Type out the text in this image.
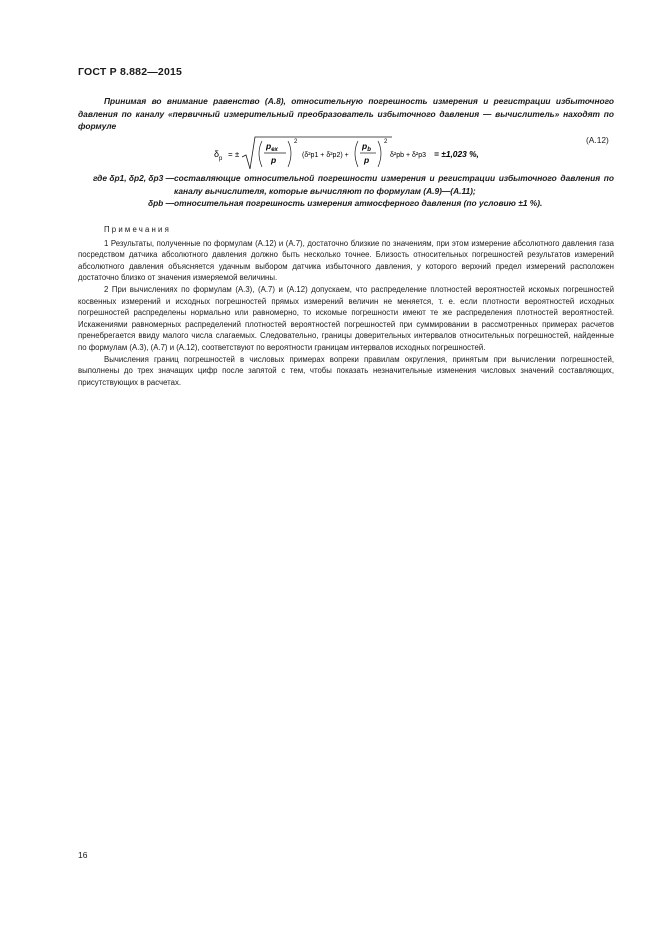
ГОСТ Р 8.882—2015

Принимая во внимание равенство (А.8), относительную погрешность измерения и регистрации избыточного давления по каналу «первичный измерительный преобразователь избыточного давления — вычислитель» находят по формуле

$\delta_р$ = ±
$р_{ех}$
р
2
(δ²р1 + δ²р2) +
$р_b$
р
2
δ²рb + δ²р3 = ±1,023 %,
(А.12)
где δр1, δр2, δр3 — составляющие относительной погрешности измерения и регистрации избыточного давления по каналу вычислителя, которые вычисляют по формулам (А.9)—(А.11);
δрb — относительная погрешность измерения атмосферного давления (по условию ±1 %).

Примечания

1 Результаты, полученные по формулам (А.12) и (А.7), достаточно близкие по значениям, при этом измерение абсолютного давления газа посредством датчика абсолютного давления должно быть несколько точнее. Близость относительных погрешностей результатов измерений абсолютного давления объясняется удачным выбором датчика избыточного давления, у которого верхний предел измерений расположен достаточно близко от значения измеряемой величины.

2 При вычислениях по формулам (А.3), (А.7) и (А.12) допускаем, что распределение плотностей вероятностей искомых погрешностей косвенных измерений и исходных погрешностей прямых измерений величин не меняется, т. е. если плотности вероятностей исходных погрешностей распределены нормально или равномерно, то искомые погрешности имеют те же распределения плотностей вероятностей. Искажениями равномерных распределений плотностей вероятностей погрешностей при суммировании в рассмотренных примерах расчетов пренебрегается ввиду малого числа слагаемых. Следовательно, границы доверительных интервалов относительных погрешностей, найденные по формулам (А.3), (А.7) и (А.12), соответствуют по вероятности границам интервалов исходных погрешностей.

Вычисления границ погрешностей в числовых примерах вопреки правилам округления, принятым при вычислении погрешностей, выполнены до трех значащих цифр после запятой с тем, чтобы показать незначительные изменения числовых значений составляющих, присутствующих в расчетах.

16
